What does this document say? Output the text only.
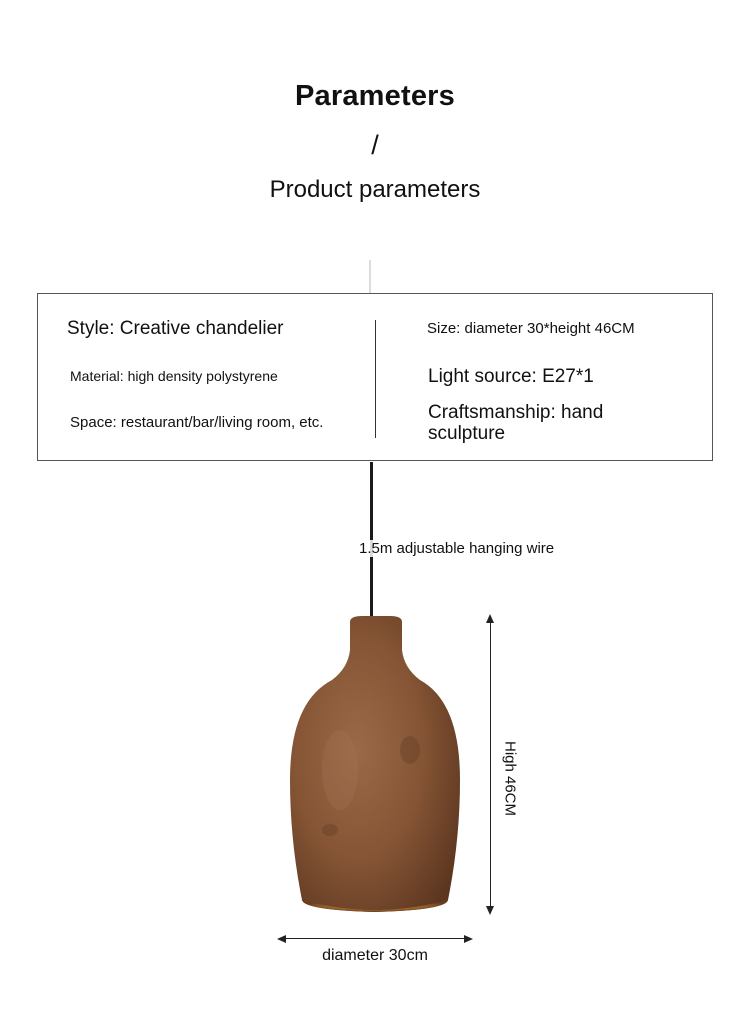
Parameters
/
Product parameters
Style: Creative chandelier
Material: high density polystyrene
Space: restaurant/bar/living room, etc.
Size: diameter 30*height 46CM
Light source: E27*1
Craftsmanship: hand sculpture
1.5m adjustable hanging wire
High 46CM
diameter 30cm
